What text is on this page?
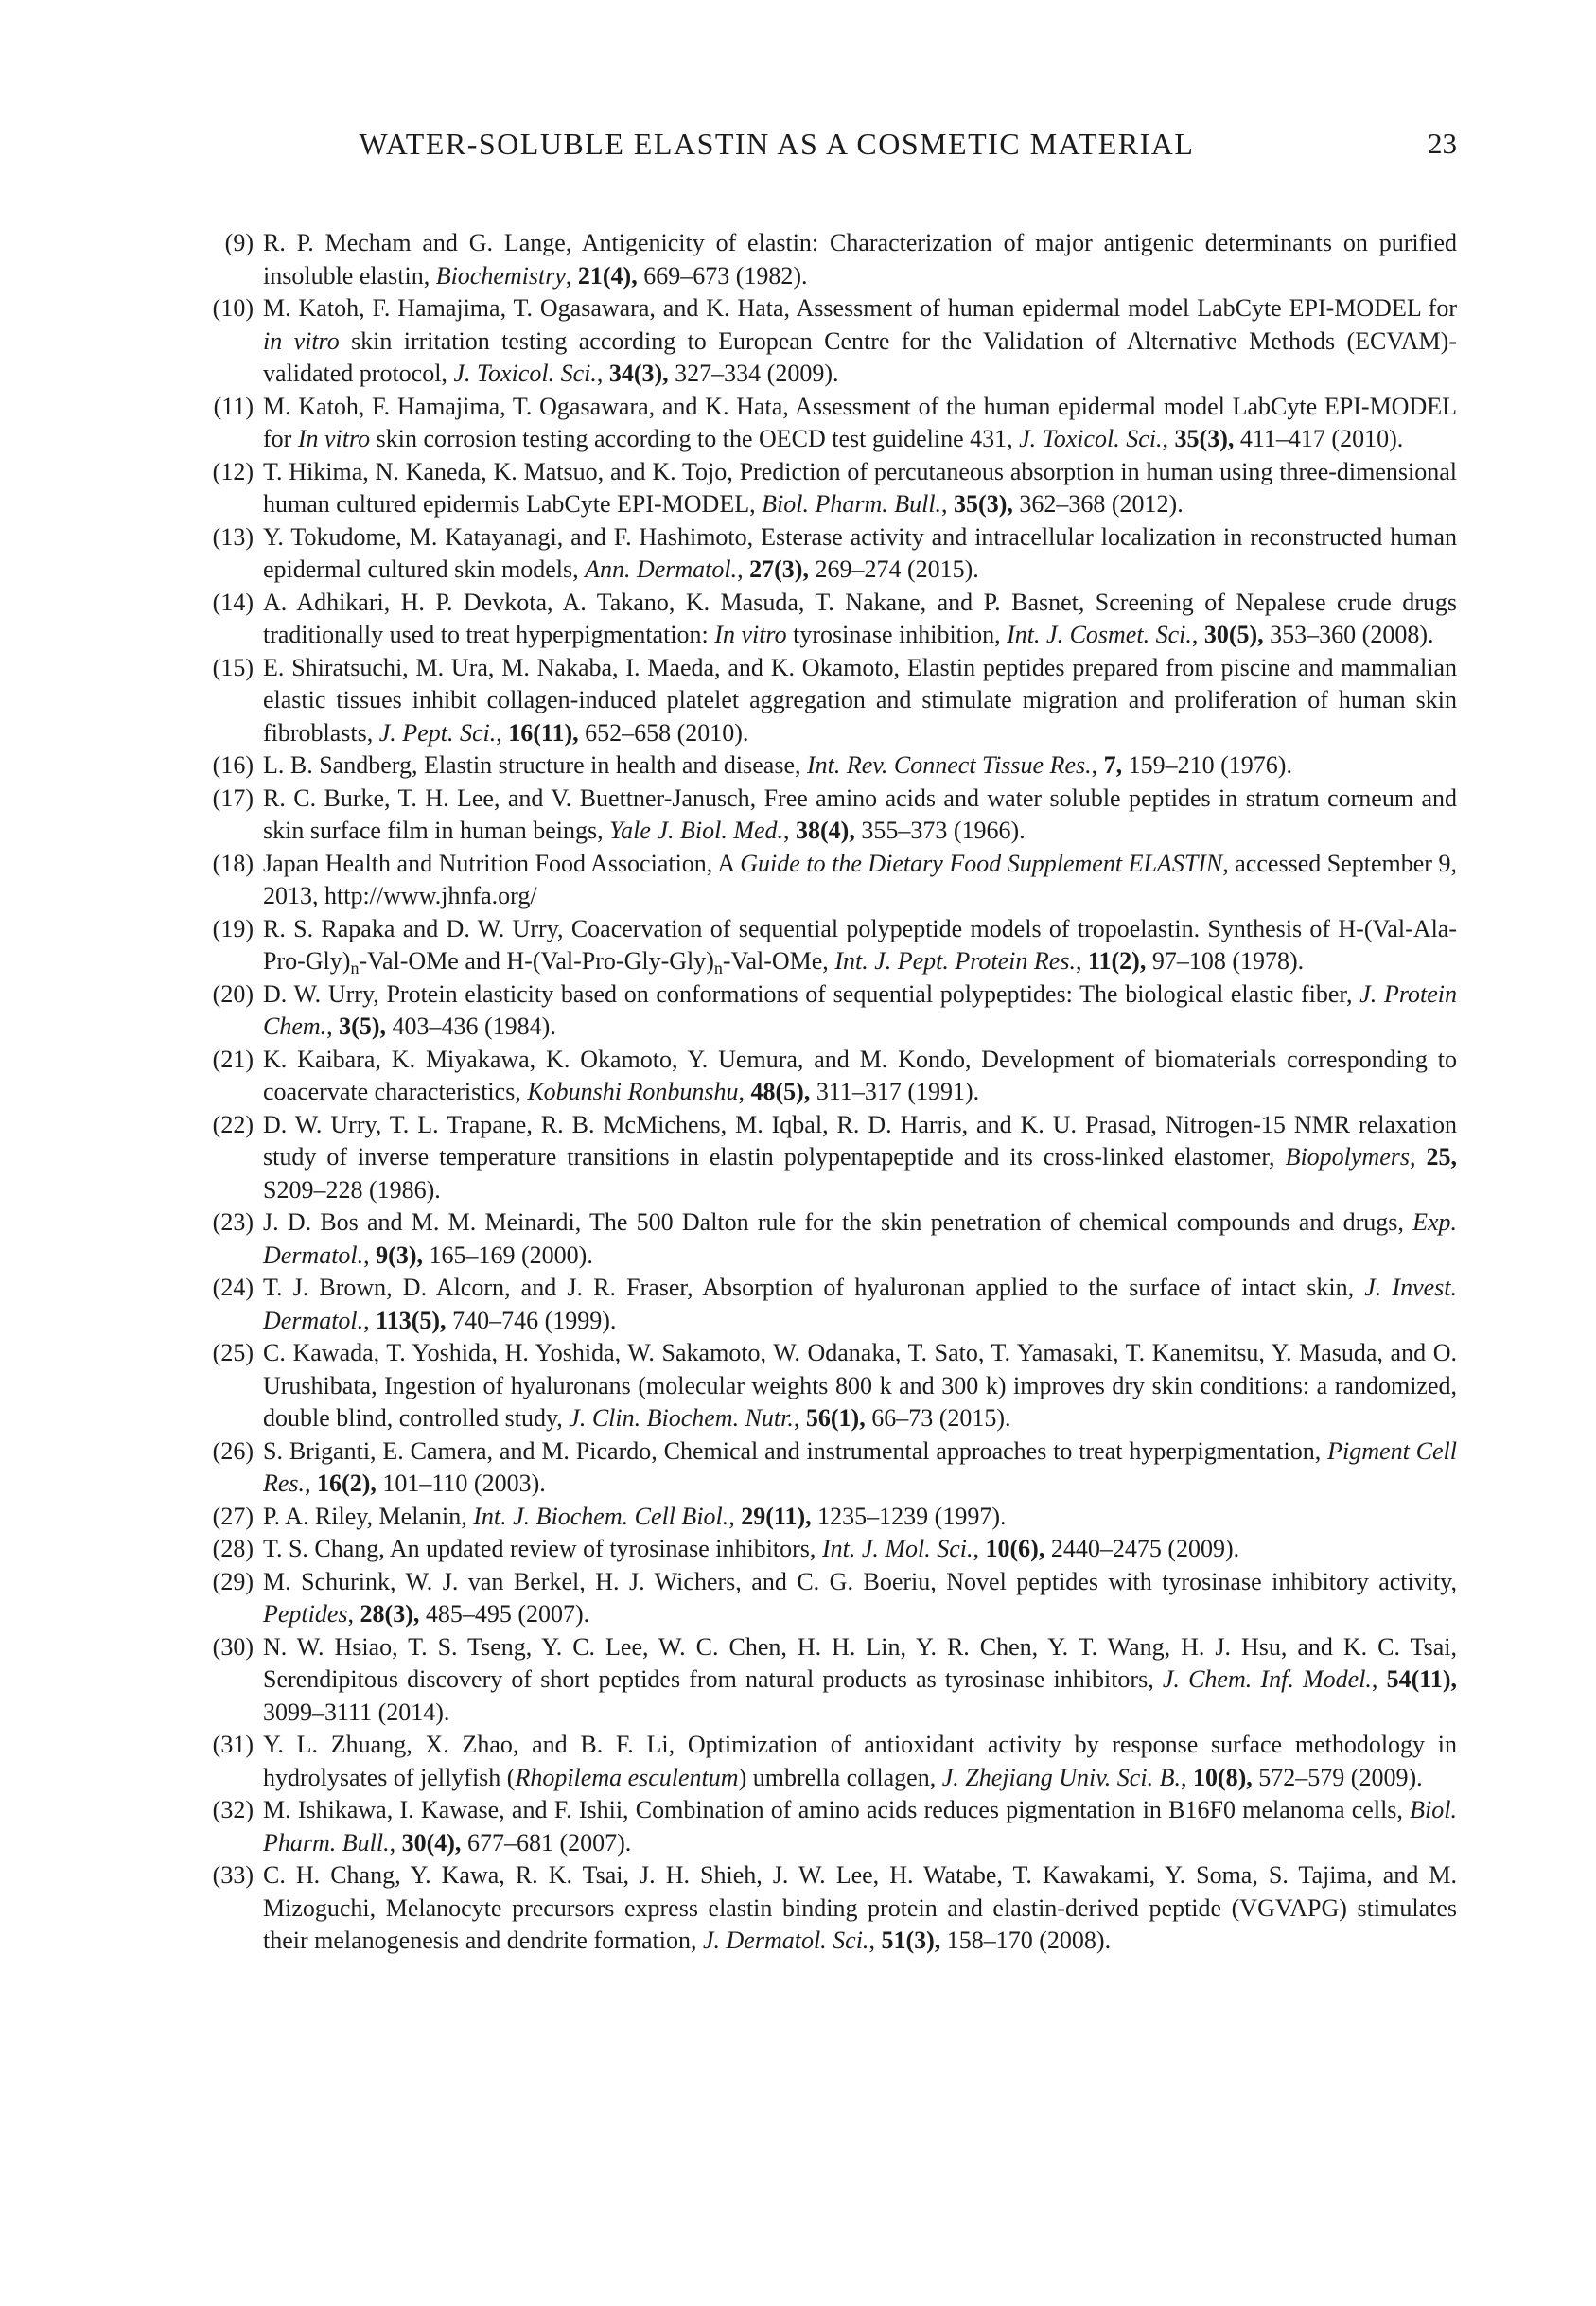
WATER-SOLUBLE ELASTIN AS A COSMETIC MATERIAL	23
(9) R. P. Mecham and G. Lange, Antigenicity of elastin: Characterization of major antigenic determinants on purified insoluble elastin, Biochemistry, 21(4), 669–673 (1982).
(10) M. Katoh, F. Hamajima, T. Ogasawara, and K. Hata, Assessment of human epidermal model LabCyte EPI-MODEL for in vitro skin irritation testing according to European Centre for the Validation of Alternative Methods (ECVAM)-validated protocol, J. Toxicol. Sci., 34(3), 327–334 (2009).
(11) M. Katoh, F. Hamajima, T. Ogasawara, and K. Hata, Assessment of the human epidermal model LabCyte EPI-MODEL for In vitro skin corrosion testing according to the OECD test guideline 431, J. Toxicol. Sci., 35(3), 411–417 (2010).
(12) T. Hikima, N. Kaneda, K. Matsuo, and K. Tojo, Prediction of percutaneous absorption in human using three-dimensional human cultured epidermis LabCyte EPI-MODEL, Biol. Pharm. Bull., 35(3), 362–368 (2012).
(13) Y. Tokudome, M. Katayanagi, and F. Hashimoto, Esterase activity and intracellular localization in reconstructed human epidermal cultured skin models, Ann. Dermatol., 27(3), 269–274 (2015).
(14) A. Adhikari, H. P. Devkota, A. Takano, K. Masuda, T. Nakane, and P. Basnet, Screening of Nepalese crude drugs traditionally used to treat hyperpigmentation: In vitro tyrosinase inhibition, Int. J. Cosmet. Sci., 30(5), 353–360 (2008).
(15) E. Shiratsuchi, M. Ura, M. Nakaba, I. Maeda, and K. Okamoto, Elastin peptides prepared from piscine and mammalian elastic tissues inhibit collagen-induced platelet aggregation and stimulate migration and proliferation of human skin fibroblasts, J. Pept. Sci., 16(11), 652–658 (2010).
(16) L. B. Sandberg, Elastin structure in health and disease, Int. Rev. Connect Tissue Res., 7, 159–210 (1976).
(17) R. C. Burke, T. H. Lee, and V. Buettner-Janusch, Free amino acids and water soluble peptides in stratum corneum and skin surface film in human beings, Yale J. Biol. Med., 38(4), 355–373 (1966).
(18) Japan Health and Nutrition Food Association, A Guide to the Dietary Food Supplement ELASTIN, accessed September 9, 2013, http://www.jhnfa.org/
(19) R. S. Rapaka and D. W. Urry, Coacervation of sequential polypeptide models of tropoelastin. Synthesis of $H-(Val-Ala-Pro-Gly)_n-Val$-OMe and $H-(Val-Pro-Gly-Gly)_n-Val$-OMe, Int. J. Pept. Protein Res., 11(2), 97–108 (1978).
(20) D. W. Urry, Protein elasticity based on conformations of sequential polypeptides: The biological elastic fiber, J. Protein Chem., 3(5), 403–436 (1984).
(21) K. Kaibara, K. Miyakawa, K. Okamoto, Y. Uemura, and M. Kondo, Development of biomaterials corresponding to coacervate characteristics, Kobunshi Ronbunshu, 48(5), 311–317 (1991).
(22) D. W. Urry, T. L. Trapane, R. B. McMichens, M. Iqbal, R. D. Harris, and K. U. Prasad, Nitrogen-15 NMR relaxation study of inverse temperature transitions in elastin polypentapeptide and its cross-linked elastomer, Biopolymers, 25, S209–228 (1986).
(23) J. D. Bos and M. M. Meinardi, The 500 Dalton rule for the skin penetration of chemical compounds and drugs, Exp. Dermatol., 9(3), 165–169 (2000).
(24) T. J. Brown, D. Alcorn, and J. R. Fraser, Absorption of hyaluronan applied to the surface of intact skin, J. Invest. Dermatol., 113(5), 740–746 (1999).
(25) C. Kawada, T. Yoshida, H. Yoshida, W. Sakamoto, W. Odanaka, T. Sato, T. Yamasaki, T. Kanemitsu, Y. Masuda, and O. Urushibata, Ingestion of hyaluronans (molecular weights 800 k and 300 k) improves dry skin conditions: a randomized, double blind, controlled study, J. Clin. Biochem. Nutr., 56(1), 66–73 (2015).
(26) S. Briganti, E. Camera, and M. Picardo, Chemical and instrumental approaches to treat hyperpigmentation, Pigment Cell Res., 16(2), 101–110 (2003).
(27) P. A. Riley, Melanin, Int. J. Biochem. Cell Biol., 29(11), 1235–1239 (1997).
(28) T. S. Chang, An updated review of tyrosinase inhibitors, Int. J. Mol. Sci., 10(6), 2440–2475 (2009).
(29) M. Schurink, W. J. van Berkel, H. J. Wichers, and C. G. Boeriu, Novel peptides with tyrosinase inhibitory activity, Peptides, 28(3), 485–495 (2007).
(30) N. W. Hsiao, T. S. Tseng, Y. C. Lee, W. C. Chen, H. H. Lin, Y. R. Chen, Y. T. Wang, H. J. Hsu, and K. C. Tsai, Serendipitous discovery of short peptides from natural products as tyrosinase inhibitors, J. Chem. Inf. Model., 54(11), 3099–3111 (2014).
(31) Y. L. Zhuang, X. Zhao, and B. F. Li, Optimization of antioxidant activity by response surface methodology in hydrolysates of jellyfish (Rhopilema esculentum) umbrella collagen, J. Zhejiang Univ. Sci. B., 10(8), 572–579 (2009).
(32) M. Ishikawa, I. Kawase, and F. Ishii, Combination of amino acids reduces pigmentation in B16F0 melanoma cells, Biol. Pharm. Bull., 30(4), 677–681 (2007).
(33) C. H. Chang, Y. Kawa, R. K. Tsai, J. H. Shieh, J. W. Lee, H. Watabe, T. Kawakami, Y. Soma, S. Tajima, and M. Mizoguchi, Melanocyte precursors express elastin binding protein and elastin-derived peptide (VGVAPG) stimulates their melanogenesis and dendrite formation, J. Dermatol. Sci., 51(3), 158–170 (2008).
